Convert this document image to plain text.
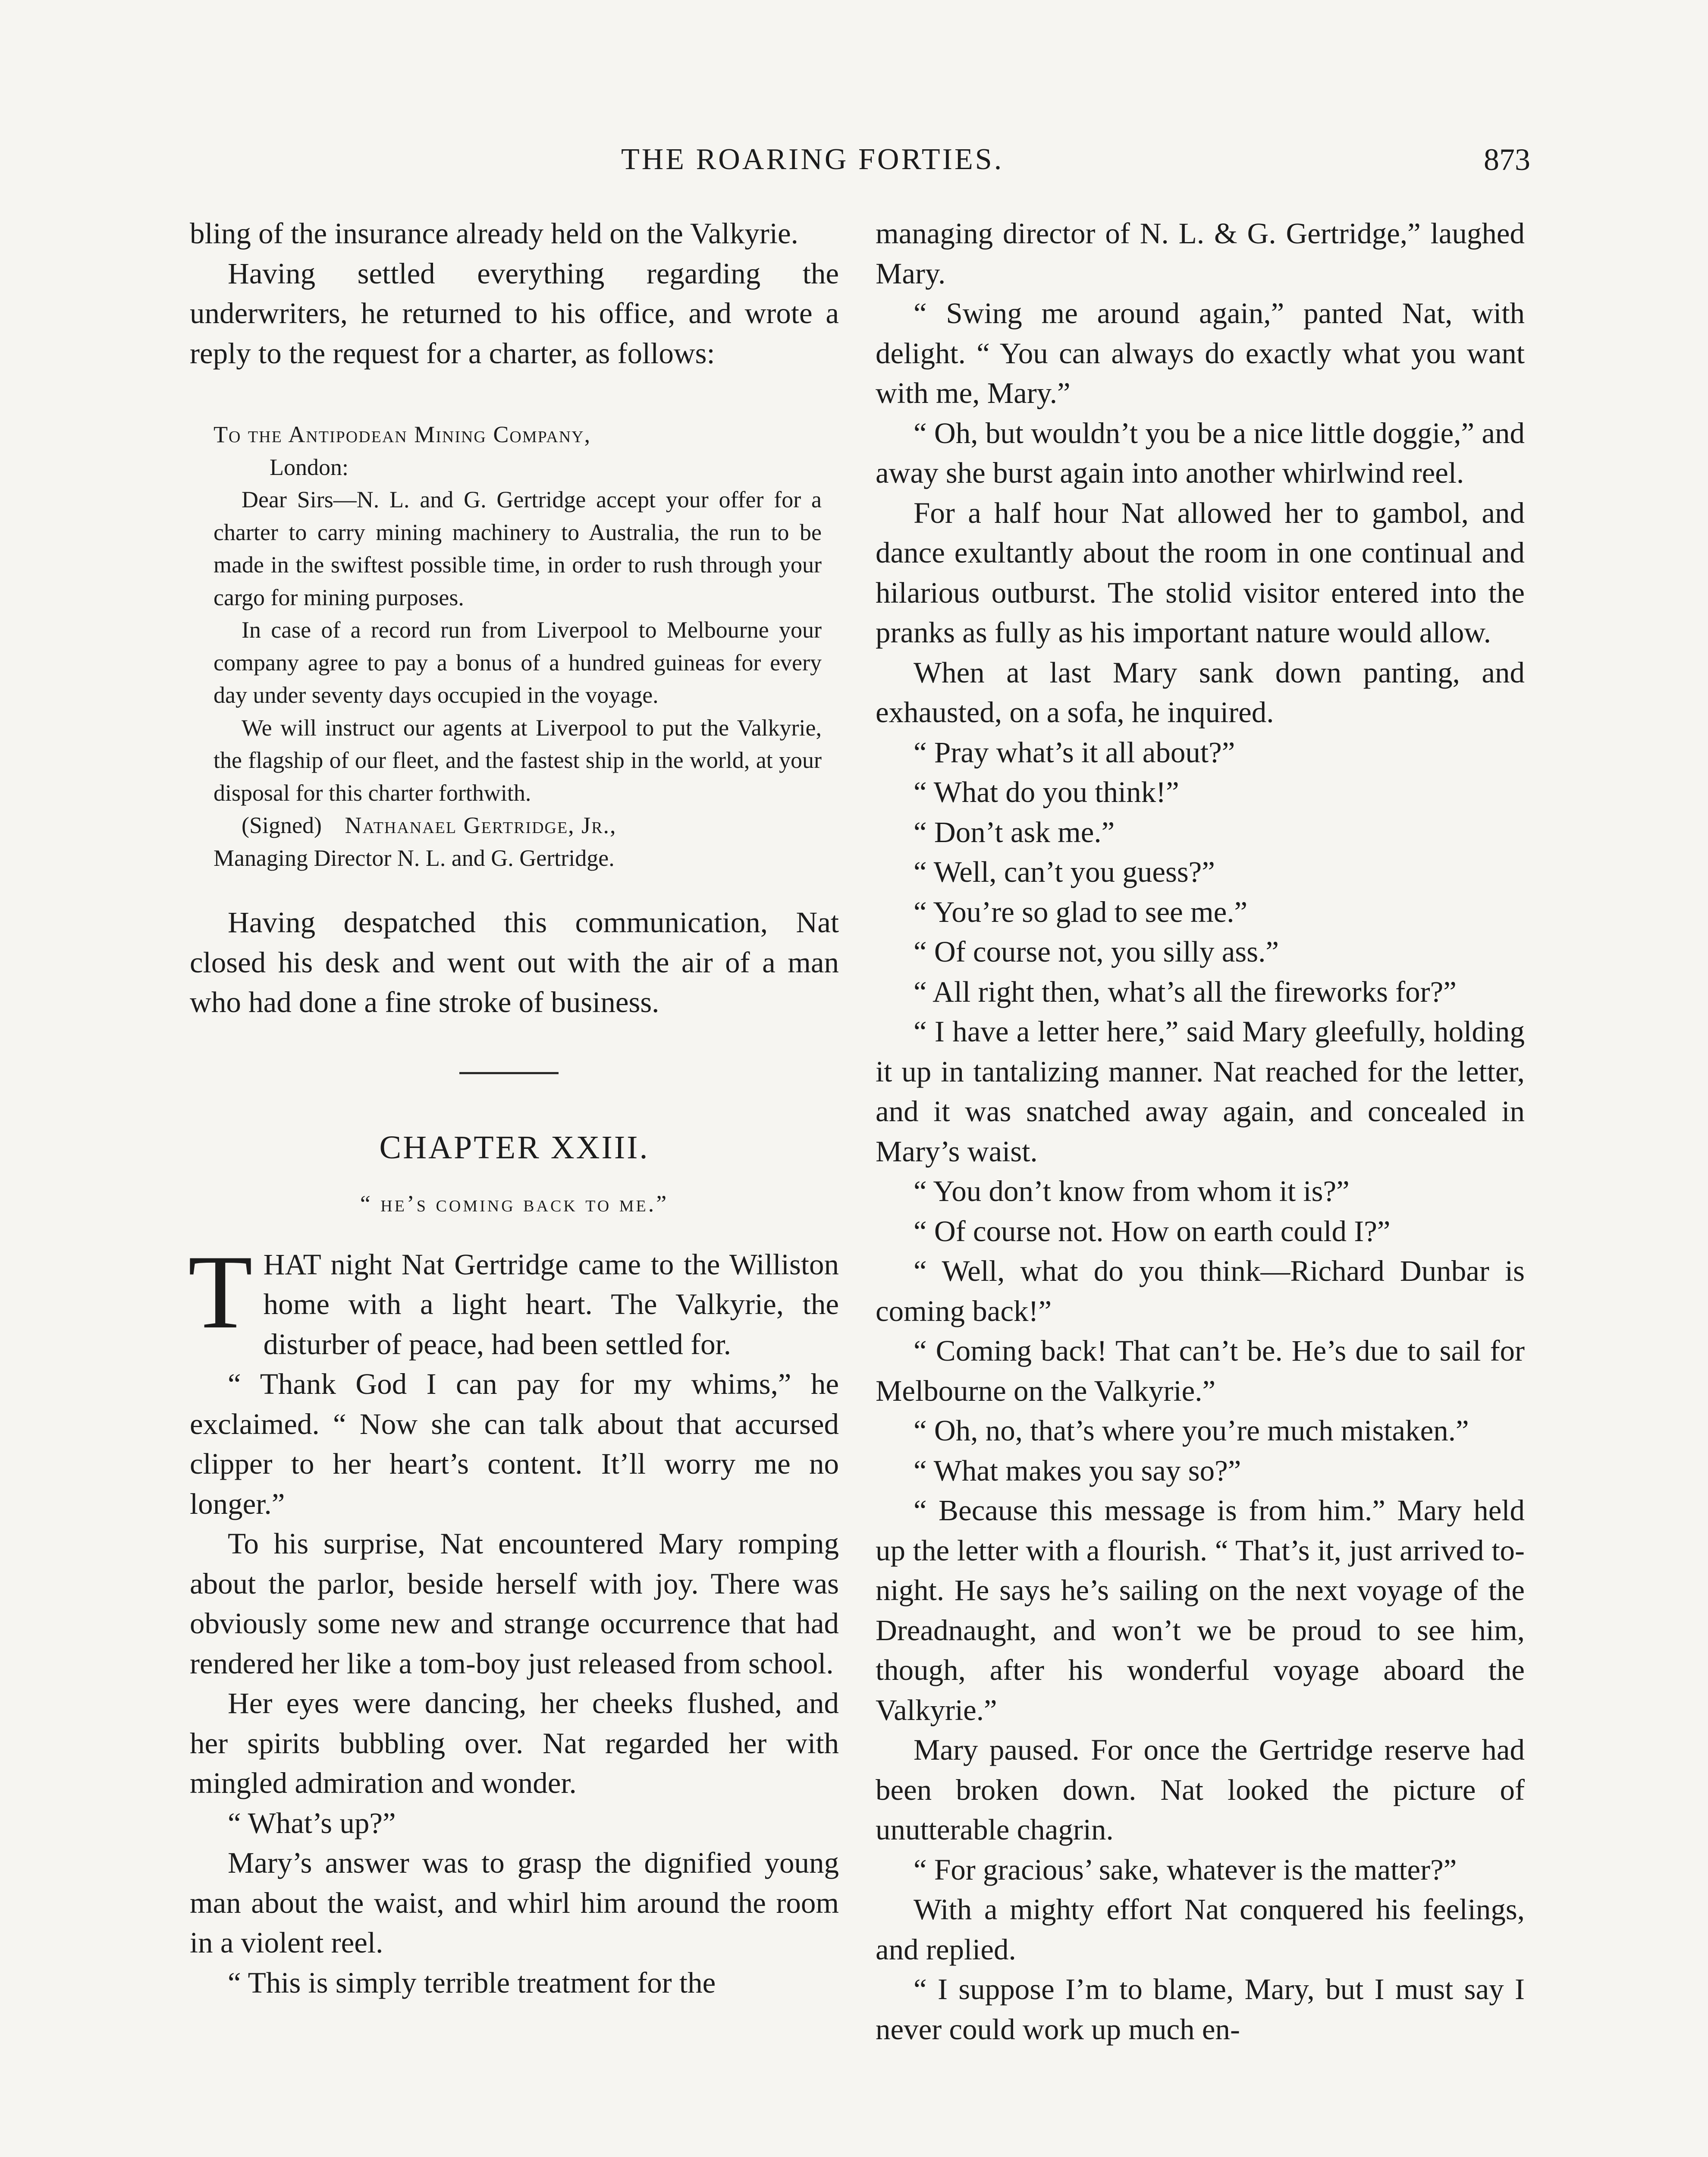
THE ROARING FORTIES.	873

bling of the insurance already held on the Valkyrie.

Having settled everything regarding the underwriters, he returned to his office, and wrote a reply to the request for a charter, as follows:

To the Antipodean Mining Company,

London:

Dear Sirs—N. L. and G. Gertridge accept your offer for a charter to carry mining machinery to Australia, the run to be made in the swiftest possible time, in order to rush through your cargo for mining purposes.

In case of a record run from Liverpool to Melbourne your company agree to pay a bonus of a hundred guineas for every day under seventy days occupied in the voyage.

We will instruct our agents at Liverpool to put the Valkyrie, the flagship of our fleet, and the fastest ship in the world, at your disposal for this charter forthwith.

(Signed) Nathanael Gertridge, Jr.,

Managing Director N. L. and G. Gertridge.

Having despatched this communication, Nat closed his desk and went out with the air of a man who had done a fine stroke of business.

CHAPTER XXIII.
“ he’s coming back to me.”

THAT night Nat Gertridge came to the Williston home with a light heart. The Valkyrie, the disturber of peace, had been settled for.

“ Thank God I can pay for my whims,” he exclaimed. “ Now she can talk about that accursed clipper to her heart’s content. It’ll worry me no longer.”

To his surprise, Nat encountered Mary romping about the parlor, beside herself with joy. There was obviously some new and strange occurrence that had rendered her like a tom-boy just released from school.

Her eyes were dancing, her cheeks flushed, and her spirits bubbling over. Nat regarded her with mingled admiration and wonder.

“ What’s up?”

Mary’s answer was to grasp the dignified young man about the waist, and whirl him around the room in a violent reel.

“ This is simply terrible treatment for the

managing director of N. L. & G. Gertridge,” laughed Mary.

“ Swing me around again,” panted Nat, with delight. “ You can always do exactly what you want with me, Mary.”

“ Oh, but wouldn’t you be a nice little doggie,” and away she burst again into another whirlwind reel.

For a half hour Nat allowed her to gambol, and dance exultantly about the room in one continual and hilarious outburst. The stolid visitor entered into the pranks as fully as his important nature would allow.

When at last Mary sank down panting, and exhausted, on a sofa, he inquired.

“ Pray what’s it all about?”

“ What do you think!”

“ Don’t ask me.”

“ Well, can’t you guess?”

“ You’re so glad to see me.”

“ Of course not, you silly ass.”

“ All right then, what’s all the fireworks for?”

“ I have a letter here,” said Mary gleefully, holding it up in tantalizing manner. Nat reached for the letter, and it was snatched away again, and concealed in Mary’s waist.

“ You don’t know from whom it is?”

“ Of course not. How on earth could I?”

“ Well, what do you think—Richard Dunbar is coming back!”

“ Coming back! That can’t be. He’s due to sail for Melbourne on the Valkyrie.”

“ Oh, no, that’s where you’re much mistaken.”

“ What makes you say so?”

“ Because this message is from him.” Mary held up the letter with a flourish. “ That’s it, just arrived to-night. He says he’s sailing on the next voyage of the Dreadnaught, and won’t we be proud to see him, though, after his wonderful voyage aboard the Valkyrie.”

Mary paused. For once the Gertridge reserve had been broken down. Nat looked the picture of unutterable chagrin.

“ For gracious’ sake, whatever is the matter?”

With a mighty effort Nat conquered his feelings, and replied.

“ I suppose I’m to blame, Mary, but I must say I never could work up much en-
